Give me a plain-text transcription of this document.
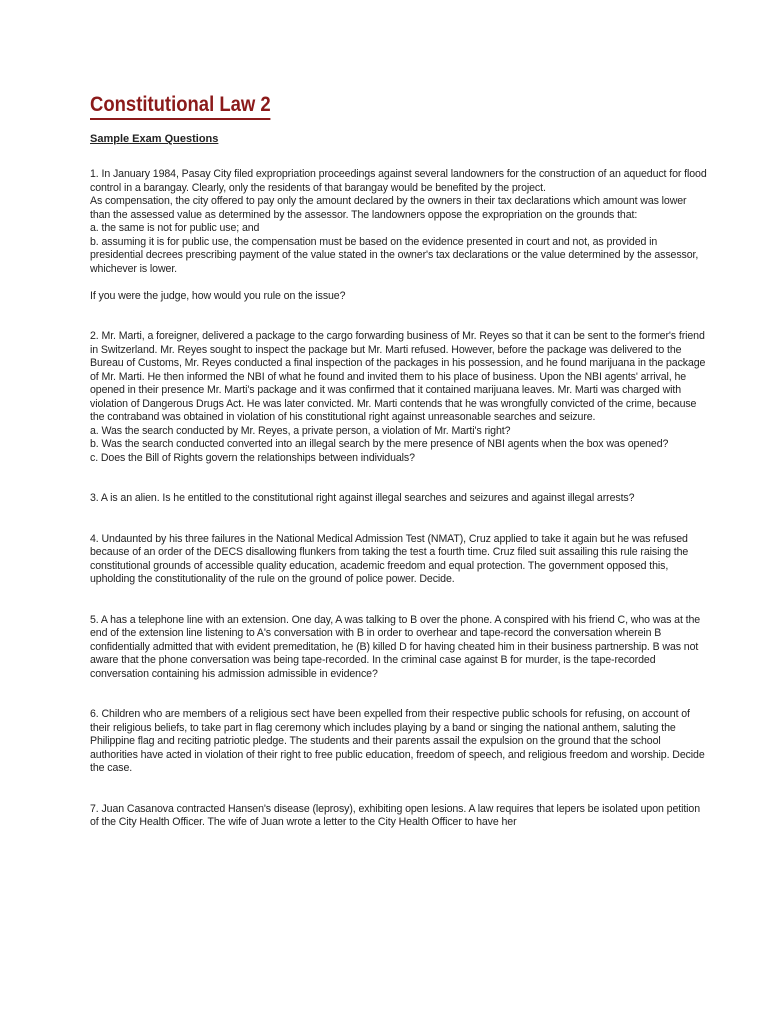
Constitutional Law 2
Sample Exam Questions

1. In January 1984, Pasay City filed expropriation proceedings against several landowners for the construction of an aqueduct for flood control in a barangay. Clearly, only the residents of that barangay would be benefited by the project.

As compensation, the city offered to pay only the amount declared by the owners in their tax declarations which amount was lower than the assessed value as determined by the assessor. The landowners oppose the expropriation on the grounds that:

a. the same is not for public use; and

b. assuming it is for public use, the compensation must be based on the evidence presented in court and not, as provided in presidential decrees prescribing payment of the value stated in the owner's tax declarations or the value determined by the assessor, whichever is lower.

If you were the judge, how would you rule on the issue?

2. Mr. Marti, a foreigner, delivered a package to the cargo forwarding business of Mr. Reyes so that it can be sent to the former's friend in Switzerland. Mr. Reyes sought to inspect the package but Mr. Marti refused. However, before the package was delivered to the Bureau of Customs, Mr. Reyes conducted a final inspection of the packages in his possession, and he found marijuana in the package of Mr. Marti. He then informed the NBI of what he found and invited them to his place of business. Upon the NBI agents' arrival, he opened in their presence Mr. Marti's package and it was confirmed that it contained marijuana leaves. Mr. Marti was charged with violation of Dangerous Drugs Act. He was later convicted. Mr. Marti contends that he was wrongfully convicted of the crime, because the contraband was obtained in violation of his constitutional right against unreasonable searches and seizure.

a. Was the search conducted by Mr. Reyes, a private person, a violation of Mr. Marti's right?

b. Was the search conducted converted into an illegal search by the mere presence of NBI agents when the box was opened?

c. Does the Bill of Rights govern the relationships between individuals?

3. A is an alien. Is he entitled to the constitutional right against illegal searches and seizures and against illegal arrests?

4. Undaunted by his three failures in the National Medical Admission Test (NMAT), Cruz applied to take it again but he was refused because of an order of the DECS disallowing flunkers from taking the test a fourth time. Cruz filed suit assailing this rule raising the constitutional grounds of accessible quality education, academic freedom and equal protection. The government opposed this, upholding the constitutionality of the rule on the ground of police power. Decide.

5. A has a telephone line with an extension. One day, A was talking to B over the phone. A conspired with his friend C, who was at the end of the extension line listening to A's conversation with B in order to overhear and tape-record the conversation wherein B confidentially admitted that with evident premeditation, he (B) killed D for having cheated him in their business partnership. B was not aware that the phone conversation was being tape-recorded. In the criminal case against B for murder, is the tape-recorded conversation containing his admission admissible in evidence?

6. Children who are members of a religious sect have been expelled from their respective public schools for refusing, on account of their religious beliefs, to take part in flag ceremony which includes playing by a band or singing the national anthem, saluting the Philippine flag and reciting patriotic pledge. The students and their parents assail the expulsion on the ground that the school authorities have acted in violation of their right to free public education, freedom of speech, and religious freedom and worship. Decide the case.

7. Juan Casanova contracted Hansen's disease (leprosy), exhibiting open lesions. A law requires that lepers be isolated upon petition of the City Health Officer. The wife of Juan wrote a letter to the City Health Officer to have her
